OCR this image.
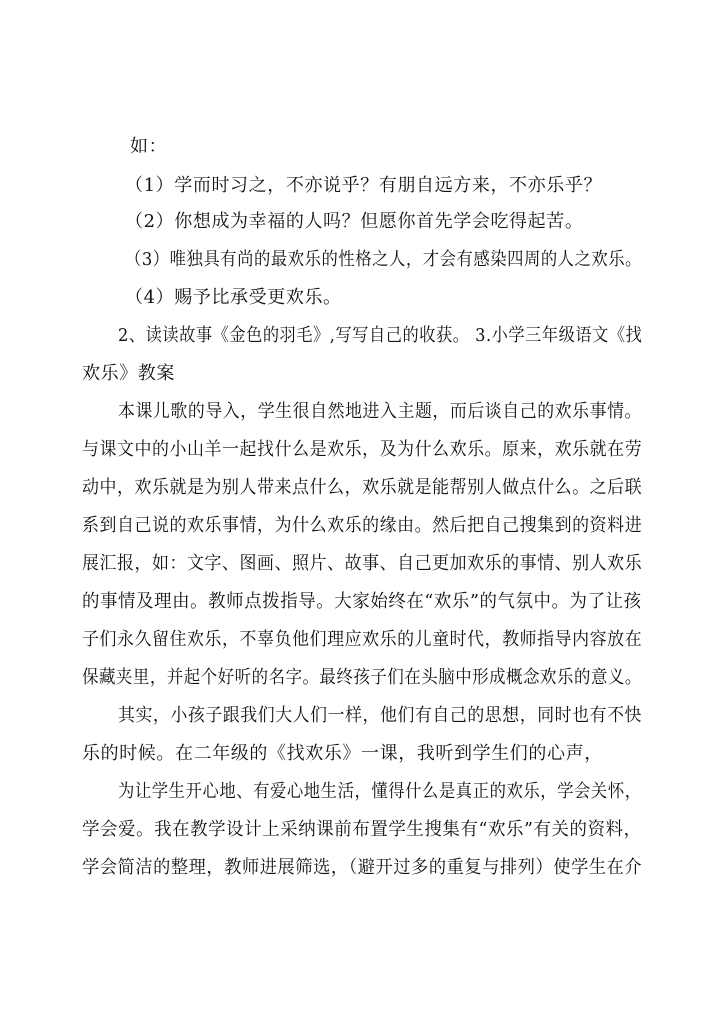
如：
（1）学而时习之，不亦说乎？有朋自远方来，不亦乐乎？
（2）你想成为幸福的人吗？但愿你首先学会吃得起苦。
（3）唯独具有尚的最欢乐的性格之人，才会有感染四周的人之欢乐。
（4）赐予比承受更欢乐。
2、读读故事《金色的羽毛》,写写自己的收获。 3.小学三年级语文《找
欢乐》教案
本课儿歌的导入，学生很自然地进入主题，而后谈自己的欢乐事情。
与课文中的小山羊一起找什么是欢乐，及为什么欢乐。原来，欢乐就在劳
动中，欢乐就是为别人带来点什么，欢乐就是能帮别人做点什么。之后联
系到自己说的欢乐事情，为什么欢乐的缘由。然后把自己搜集到的资料进
展汇报，如：文字、图画、照片、故事、自己更加欢乐的事情、别人欢乐
的事情及理由。教师点拨指导。大家始终在“欢乐”的气氛中。为了让孩
子们永久留住欢乐，不辜负他们理应欢乐的儿童时代，教师指导内容放在
保藏夹里，并起个好听的名字。最终孩子们在头脑中形成概念欢乐的意义。
其实，小孩子跟我们大人们一样，他们有自己的思想，同时也有不快
乐的时候。在二年级的《找欢乐》一课，我听到学生们的心声，
为让学生开心地、有爱心地生活，懂得什么是真正的欢乐，学会关怀，
学会爱。我在教学设计上采纳课前布置学生搜集有“欢乐”有关的资料，
学会简洁的整理，教师进展筛选，（避开过多的重复与排列）使学生在介
